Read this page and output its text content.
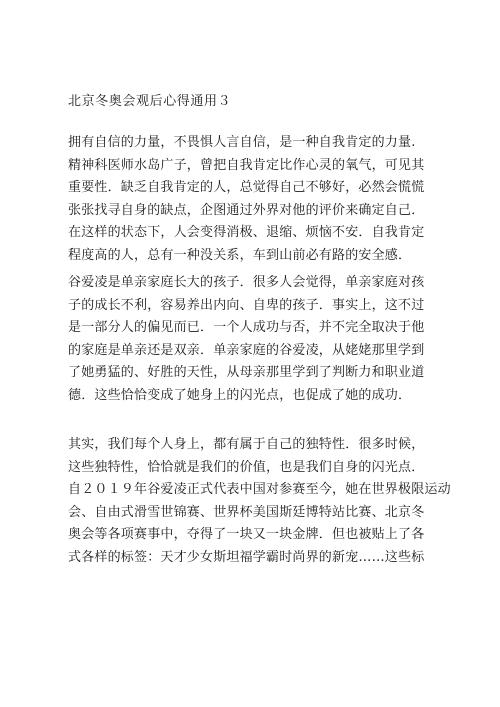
北京冬奥会观后心得通用３
拥有自信的力量，不畏惧人言自信，是一种自我肯定的力量.
精神科医师水岛广子，曾把自我肯定比作心灵的氧气，可见其
重要性．缺乏自我肯定的人，总觉得自己不够好，必然会慌慌
张张找寻自身的缺点，企图通过外界对他的评价来确定自己．
在这样的状态下，人会变得消极、退缩、烦恼不安．自我肯定
程度高的人，总有一种没关系，车到山前必有路的安全感．
谷爱凌是单亲家庭长大的孩子．很多人会觉得，单亲家庭对孩
子的成长不利，容易养出内向、自卑的孩子．事实上，这不过
是一部分人的偏见而已．一个人成功与否，并不完全取决于他
的家庭是单亲还是双亲．单亲家庭的谷爱凌，从姥姥那里学到
了她勇猛的、好胜的天性，从母亲那里学到了判断力和职业道
德．这些恰恰变成了她身上的闪光点，也促成了她的成功．
其实，我们每个人身上，都有属于自己的独特性．很多时候，
这些独特性，恰恰就是我们的价值，也是我们自身的闪光点．
自２０１９年谷爱凌正式代表中国对参赛至今，她在世界极限运动
会、自由式滑雪世锦赛、世界杯美国斯廷博特站比赛、北京冬
奥会等各项赛事中，夺得了一块又一块金牌．但也被贴上了各
式各样的标签：天才少女斯坦福学霸时尚界的新宠……这些标
